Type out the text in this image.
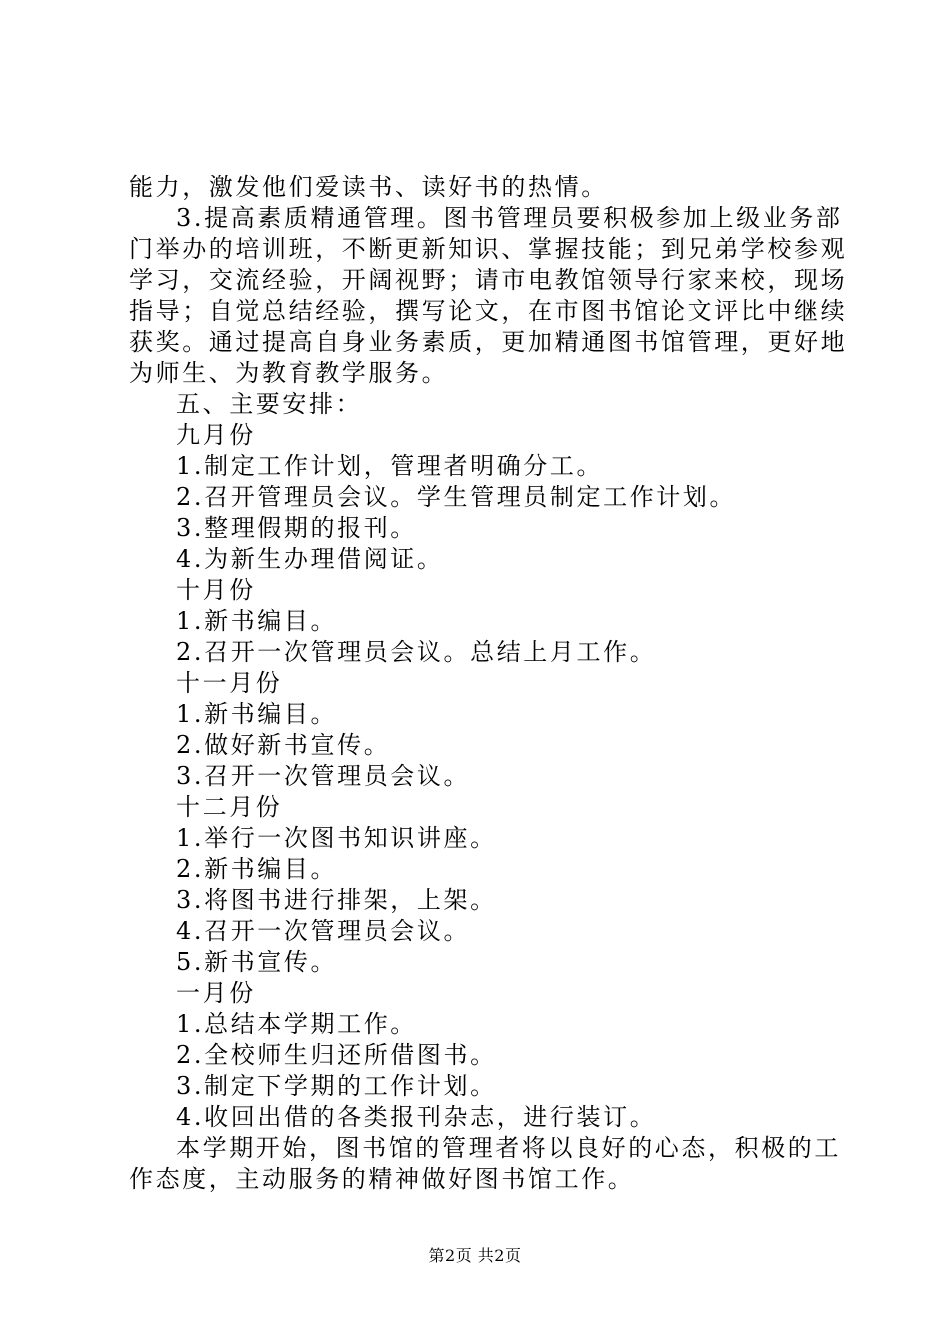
能力，激发他们爱读书、读好书的热情。
3.提高素质精通管理。图书管理员要积极参加上级业务部
门举办的培训班，不断更新知识、掌握技能；到兄弟学校参观
学习，交流经验，开阔视野；请市电教馆领导行家来校，现场
指导；自觉总结经验，撰写论文，在市图书馆论文评比中继续
获奖。通过提高自身业务素质，更加精通图书馆管理，更好地
为师生、为教育教学服务。
五、主要安排：
九月份
1.制定工作计划，管理者明确分工。
2.召开管理员会议。学生管理员制定工作计划。
3.整理假期的报刊。
4.为新生办理借阅证。
十月份
1.新书编目。
2.召开一次管理员会议。总结上月工作。
十一月份
1.新书编目。
2.做好新书宣传。
3.召开一次管理员会议。
十二月份
1.举行一次图书知识讲座。
2.新书编目。
3.将图书进行排架，上架。
4.召开一次管理员会议。
5.新书宣传。
一月份
1.总结本学期工作。
2.全校师生归还所借图书。
3.制定下学期的工作计划。
4.收回出借的各类报刊杂志，进行装订。
本学期开始，图书馆的管理者将以良好的心态，积极的工
作态度，主动服务的精神做好图书馆工作。
第2页 共2页
